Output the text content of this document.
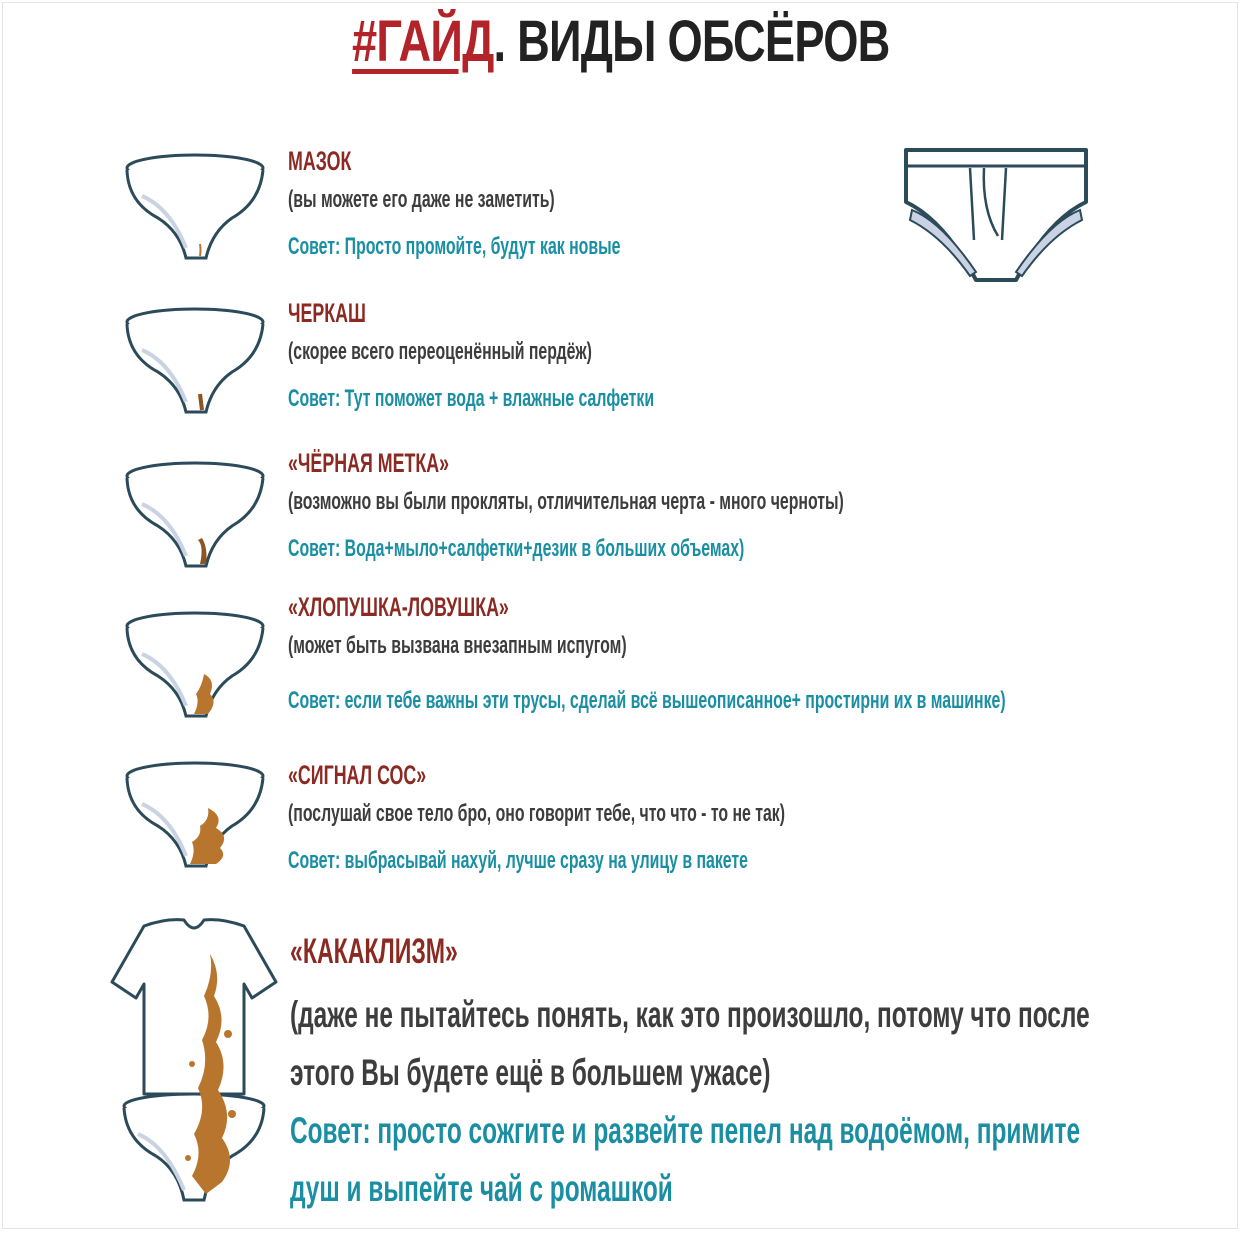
#ГАЙД. ВИДЫ ОБСЁРОВ
МАЗОК
(вы можете его даже не заметить)
Совет: Просто промойте, будут как новые
ЧЕРКАШ
(скорее всего переоценённый пердёж)
Совет: Тут поможет вода + влажные салфетки
«ЧЁРНАЯ МЕТКА»
(возможно вы были прокляты, отличительная черта - много черноты)
Совет: Вода+мыло+салфетки+дезик в больших объемах)
«ХЛОПУШКА-ЛОВУШКА»
(может быть вызвана внезапным испугом)
Совет: если тебе важны эти трусы, сделай всё вышеописанное+ простирни их в машинке)
«СИГНАЛ СОС»
(послушай свое тело бро, оно говорит тебе, что что - то не так)
Совет: выбрасывай нахуй, лучше сразу на улицу в пакете
«КАКАКЛИЗМ»
(даже не пытайтесь понять, как это произошло, потому что после этого Вы будете ещё в большем ужасе)
Совет: просто сожгите и развейте пепел над водоёмом, примите душ и выпейте чай с ромашкой
